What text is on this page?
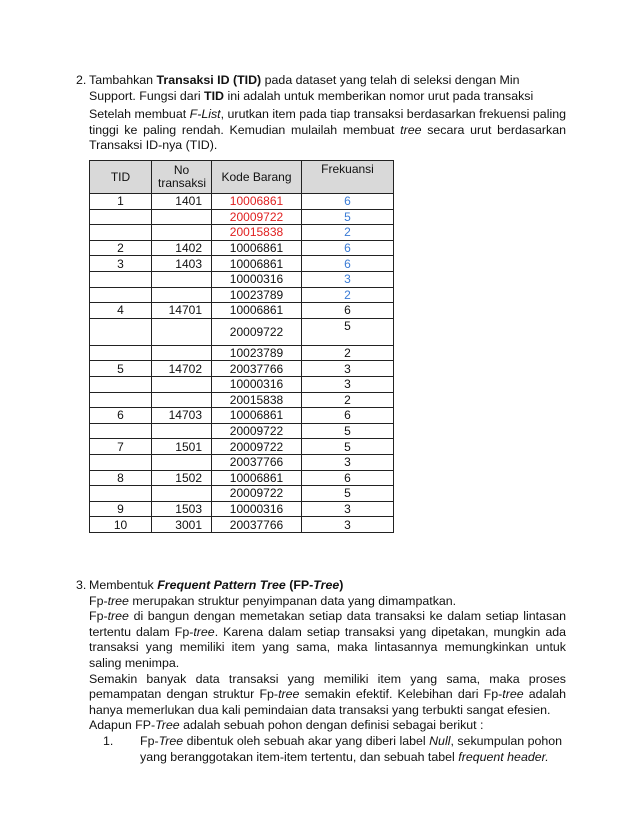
2. Tambahkan Transaksi ID (TID) pada dataset yang telah di seleksi dengan Min Support. Fungsi dari TID ini adalah untuk memberikan nomor urut pada transaksi

Setelah membuat F-List, urutkan item pada tiap transaksi berdasarkan frekuensi paling tinggi ke paling rendah. Kemudian mulailah membuat tree secara urut berdasarkan Transaksi ID-nya (TID).

TID	No transaksi	Kode Barang	Frekuansi
1	1401	10006861	6
		20009722	5
		20015838	2
2	1402	10006861	6
3	1403	10006861	6
		10000316	3
		10023789	2
4	14701	10006861	6
		20009722	5
		10023789	2
5	14702	20037766	3
		10000316	3
		20015838	2
6	14703	10006861	6
		20009722	5
7	1501	20009722	5
		20037766	3
8	1502	10006861	6
		20009722	5
9	1503	10000316	3
10	3001	20037766	3
3. Membentuk Frequent Pattern Tree (FP-Tree)

Fp-tree merupakan struktur penyimpanan data yang dimampatkan.

Fp-tree di bangun dengan memetakan setiap data transaksi ke dalam setiap lintasan tertentu dalam Fp-tree. Karena dalam setiap transaksi yang dipetakan, mungkin ada transaksi yang memiliki item yang sama, maka lintasannya memungkinkan untuk saling menimpa.

Semakin banyak data transaksi yang memiliki item yang sama, maka proses pemampatan dengan struktur Fp-tree semakin efektif. Kelebihan dari Fp-tree adalah hanya memerlukan dua kali pemindaian data transaksi yang terbukti sangat efesien.

Adapun FP-Tree adalah sebuah pohon dengan definisi sebagai berikut :

1. Fp-Tree dibentuk oleh sebuah akar yang diberi label Null, sekumpulan pohon yang beranggotakan item-item tertentu, dan sebuah tabel frequent header.
